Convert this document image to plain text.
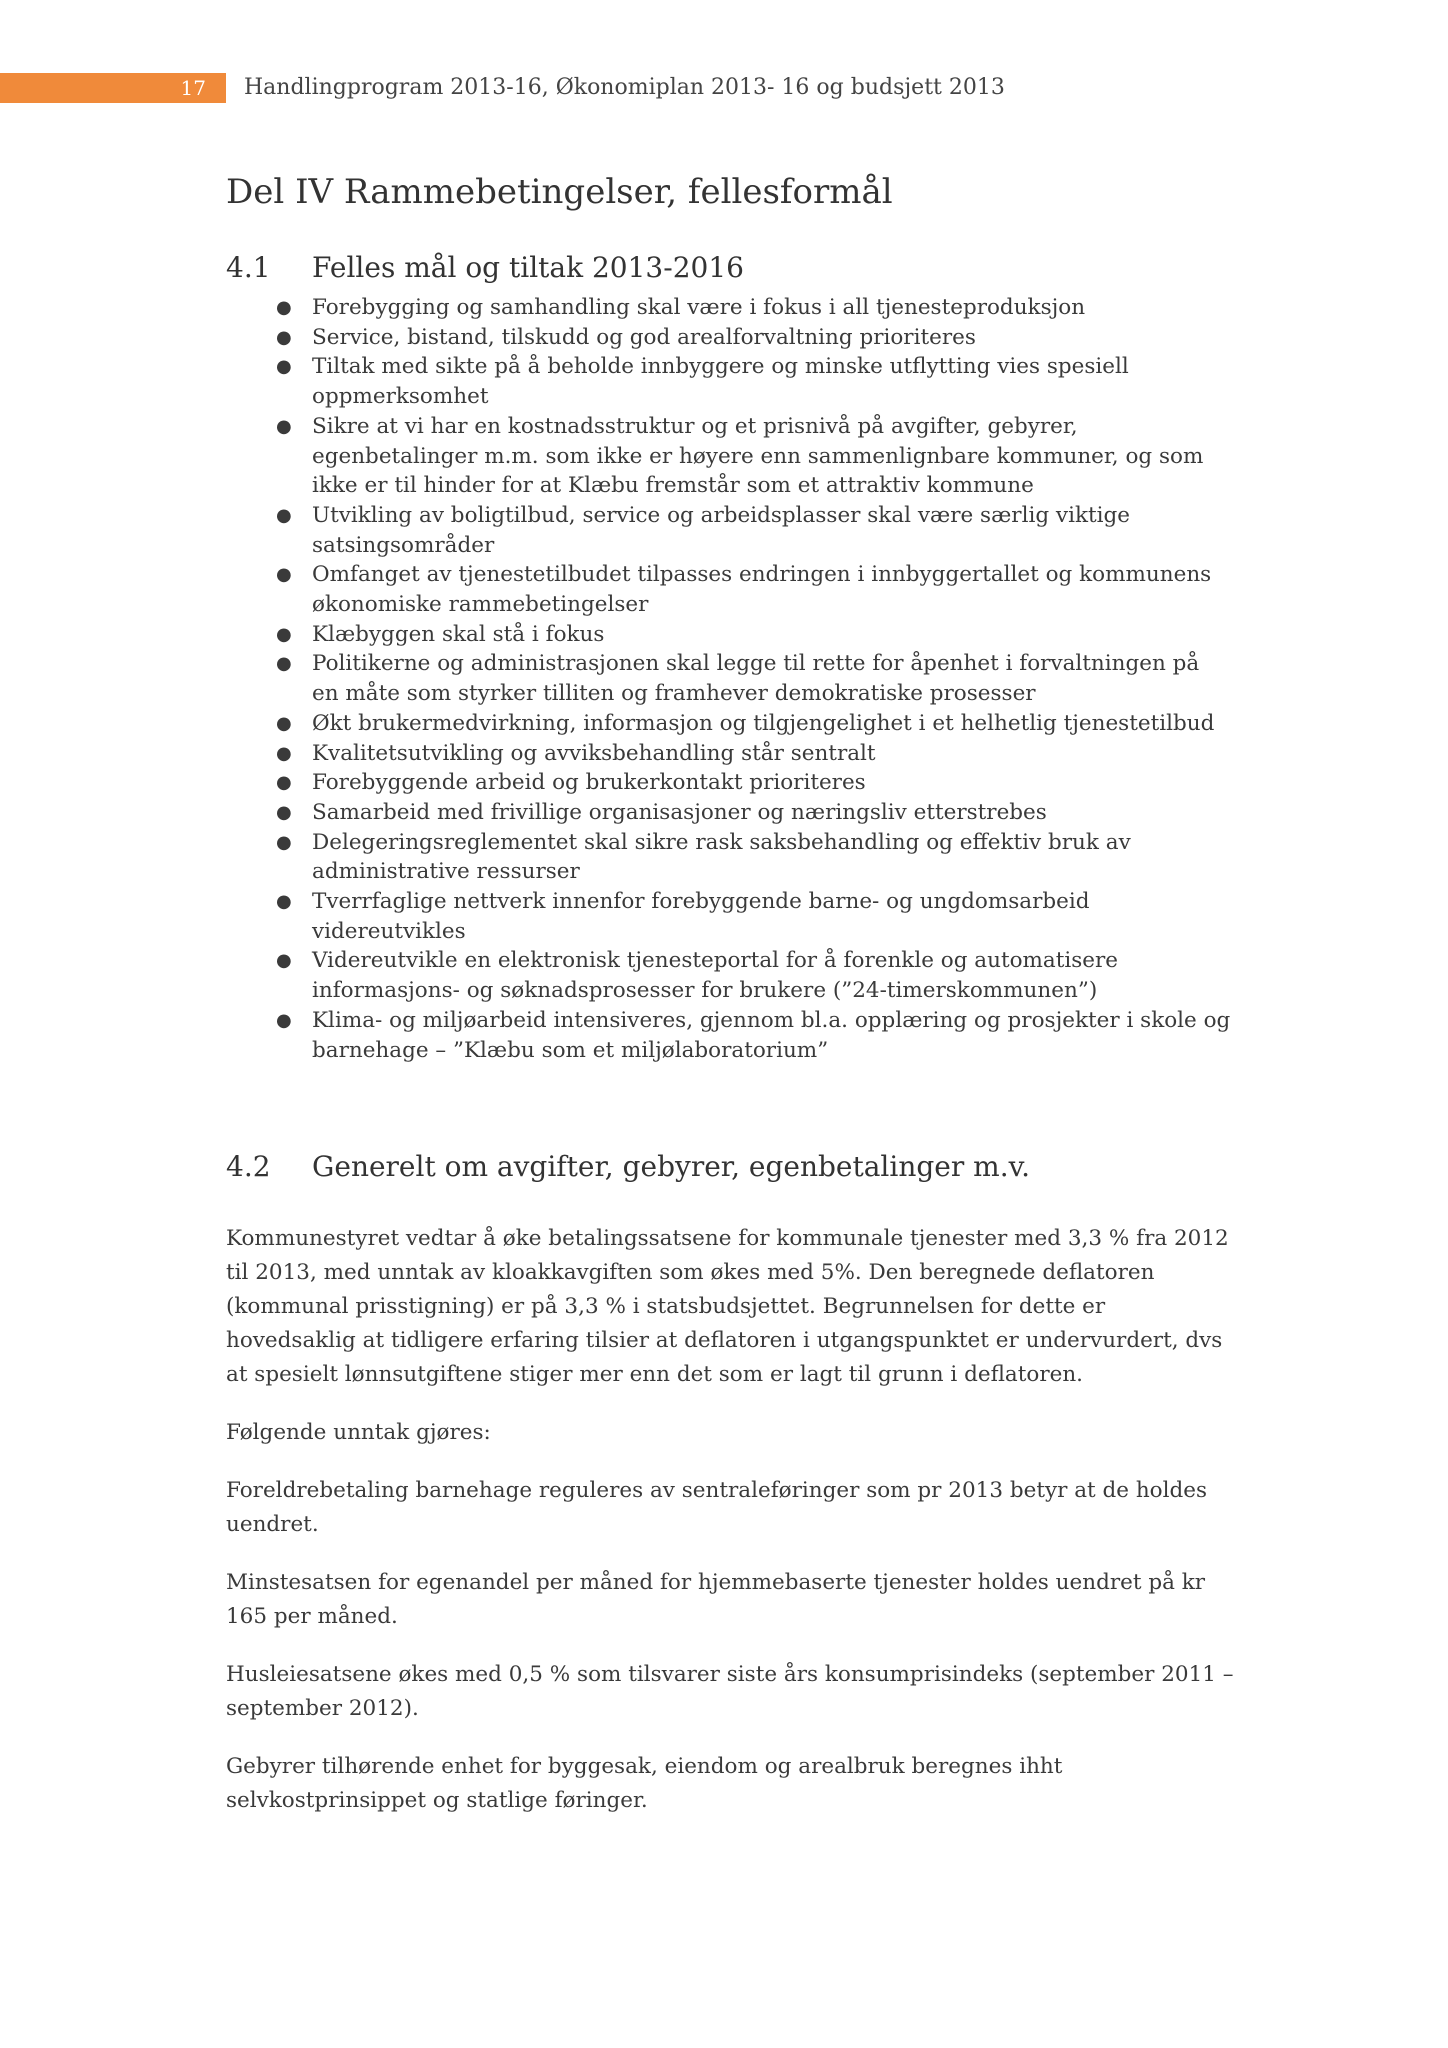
17	Handlingprogram 2013-16, Økonomiplan 2013- 16 og budsjett 2013
Del IV Rammebetingelser, fellesformål
4.1 Felles mål og tiltak 2013-2016
● Forebygging og samhandling skal være i fokus i all tjenesteproduksjon
● Service, bistand, tilskudd og god arealforvaltning prioriteres
● Tiltak med sikte på å beholde innbyggere og minske utflytting vies spesiell oppmerksomhet
● Sikre at vi har en kostnadsstruktur og et prisnivå på avgifter, gebyrer, egenbetalinger m.m. som ikke er høyere enn sammenlignbare kommuner, og som ikke er til hinder for at Klæbu fremstår som et attraktiv kommune
● Utvikling av boligtilbud, service og arbeidsplasser skal være særlig viktige satsingsområder
● Omfanget av tjenestetilbudet tilpasses endringen i innbyggertallet og kommunens økonomiske rammebetingelser
● Klæbyggen skal stå i fokus
● Politikerne og administrasjonen skal legge til rette for åpenhet i forvaltningen på en måte som styrker tilliten og framhever demokratiske prosesser
● Økt brukermedvirkning, informasjon og tilgjengelighet i et helhetlig tjenestetilbud
● Kvalitetsutvikling og avviksbehandling står sentralt
● Forebyggende arbeid og brukerkontakt prioriteres
● Samarbeid med frivillige organisasjoner og næringsliv etterstrebes
● Delegeringsreglementet skal sikre rask saksbehandling og effektiv bruk av administrative ressurser
● Tverrfaglige nettverk innenfor forebyggende barne- og ungdomsarbeid videreutvikles
● Videreutvikle en elektronisk tjenesteportal for å forenkle og automatisere informasjons- og søknadsprosesser for brukere (”24-timerskommunen”)
● Klima- og miljøarbeid intensiveres, gjennom bl.a. opplæring og prosjekter i skole og barnehage – ”Klæbu som et miljølaboratorium”
4.2 Generelt om avgifter, gebyrer, egenbetalinger m.v.

Kommunestyret vedtar å øke betalingssatsene for kommunale tjenester med 3,3 % fra 2012 til 2013, med unntak av kloakkavgiften som økes med 5%. Den beregnede deflatoren (kommunal prisstigning) er på 3,3 % i statsbudsjettet. Begrunnelsen for dette er hovedsaklig at tidligere erfaring tilsier at deflatoren i utgangspunktet er undervurdert, dvs at spesielt lønnsutgiftene stiger mer enn det som er lagt til grunn i deflatoren.

Følgende unntak gjøres:

Foreldrebetaling barnehage reguleres av sentraleføringer som pr 2013 betyr at de holdes uendret.

Minstesatsen for egenandel per måned for hjemmebaserte tjenester holdes uendret på kr 165 per måned.

Husleiesatsene økes med 0,5 % som tilsvarer siste års konsumprisindeks (september 2011 – september 2012).

Gebyrer tilhørende enhet for byggesak, eiendom og arealbruk beregnes ihht selvkostprinsippet og statlige føringer.
